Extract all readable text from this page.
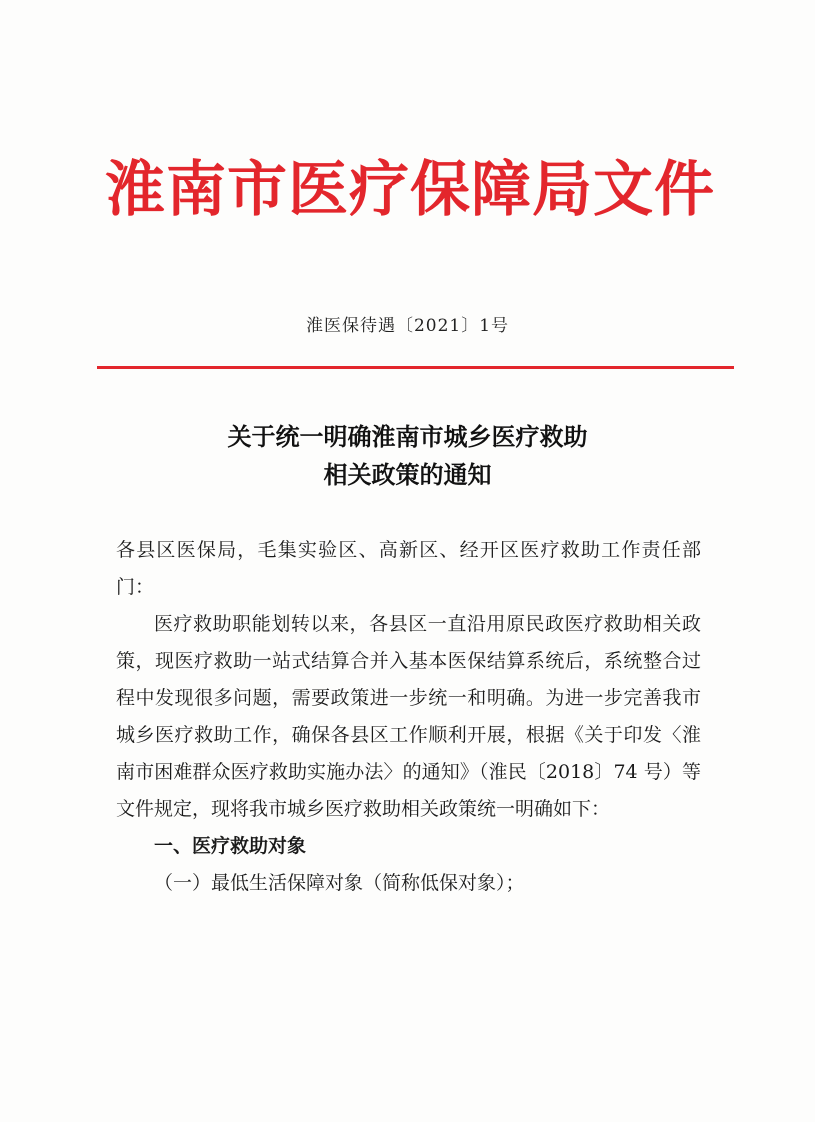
淮南市医疗保障局文件
淮医保待遇〔2021〕1号
关于统一明确淮南市城乡医疗救助
相关政策的通知

各县区医保局，毛集实验区、高新区、经开区医疗救助工作责任部门：

医疗救助职能划转以来，各县区一直沿用原民政医疗救助相关政策，现医疗救助一站式结算合并入基本医保结算系统后，系统整合过程中发现很多问题，需要政策进一步统一和明确。为进一步完善我市城乡医疗救助工作，确保各县区工作顺利开展，根据《关于印发〈淮南市困难群众医疗救助实施办法〉的通知》（淮民〔2018〕74 号）等文件规定，现将我市城乡医疗救助相关政策统一明确如下：

一、医疗救助对象

（一）最低生活保障对象（简称低保对象）；
